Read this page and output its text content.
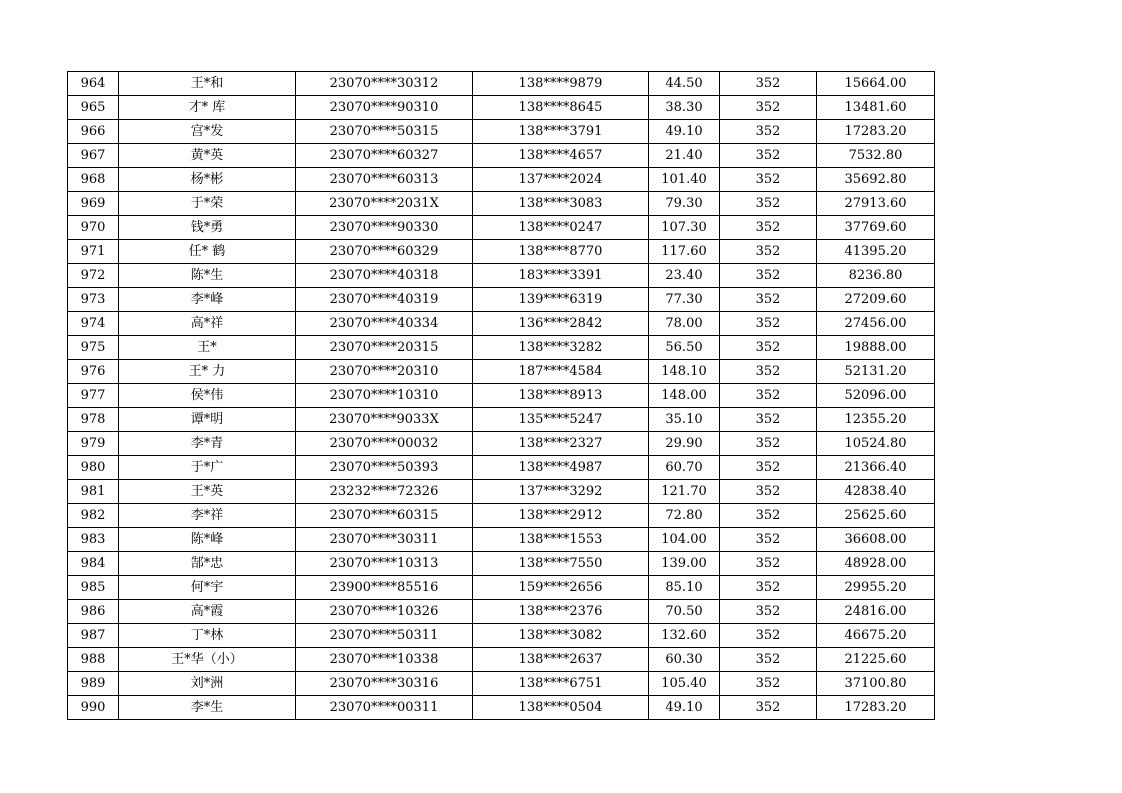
964	王*和	23070****30312	138****9879	44.50	352	15664.00
965	才* 库	23070****90310	138****8645	38.30	352	13481.60
966	宫*发	23070****50315	138****3791	49.10	352	17283.20
967	黄*英	23070****60327	138****4657	21.40	352	7532.80
968	杨*彬	23070****60313	137****2024	101.40	352	35692.80
969	于*荣	23070****2031X	138****3083	79.30	352	27913.60
970	钱*勇	23070****90330	138****0247	107.30	352	37769.60
971	任* 鹤	23070****60329	138****8770	117.60	352	41395.20
972	陈*生	23070****40318	183****3391	23.40	352	8236.80
973	李*峰	23070****40319	139****6319	77.30	352	27209.60
974	高*祥	23070****40334	136****2842	78.00	352	27456.00
975	王*	23070****20315	138****3282	56.50	352	19888.00
976	王* 力	23070****20310	187****4584	148.10	352	52131.20
977	侯*伟	23070****10310	138****8913	148.00	352	52096.00
978	谭*明	23070****9033X	135****5247	35.10	352	12355.20
979	李*青	23070****00032	138****2327	29.90	352	10524.80
980	于*广	23070****50393	138****4987	60.70	352	21366.40
981	王*英	23232****72326	137****3292	121.70	352	42838.40
982	李*祥	23070****60315	138****2912	72.80	352	25625.60
983	陈*峰	23070****30311	138****1553	104.00	352	36608.00
984	郜*忠	23070****10313	138****7550	139.00	352	48928.00
985	何*宇	23900****85516	159****2656	85.10	352	29955.20
986	高*霞	23070****10326	138****2376	70.50	352	24816.00
987	丁*林	23070****50311	138****3082	132.60	352	46675.20
988	王*华（小）	23070****10338	138****2637	60.30	352	21225.60
989	刘*洲	23070****30316	138****6751	105.40	352	37100.80
990	李*生	23070****00311	138****0504	49.10	352	17283.20
